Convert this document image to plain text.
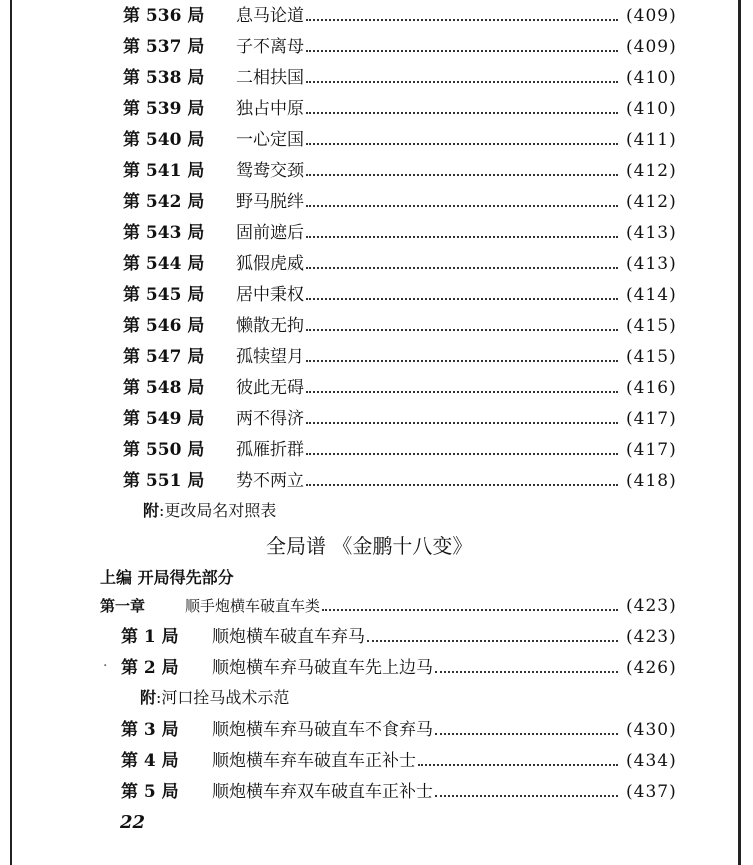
第 536 局 息马论道	(409)
第 537 局 子不离母	(409)
第 538 局 二相扶国	(410)
第 539 局 独占中原	(410)
第 540 局 一心定国	(411)
第 541 局 鸳鸯交颈	(412)
第 542 局 野马脱绊	(412)
第 543 局 固前遮后	(413)
第 544 局 狐假虎威	(413)
第 545 局 居中秉权	(414)
第 546 局 懒散无拘	(415)
第 547 局 孤犊望月	(415)
第 548 局 彼此无碍	(416)
第 549 局 两不得济	(417)
第 550 局 孤雁折群	(417)
第 551 局 势不两立	(418)
附:更改局名对照表
全局谱 《金鹏十八变》
上编 开局得先部分
第一章	顺手炮横车破直车类	(423)
第 1 局 顺炮横车破直车弃马	(423)
第 2 局 顺炮横车弃马破直车先上边马	(426)
·
附:河口拴马战术示范
第 3 局 顺炮横车弃马破直车不食弃马	(430)
第 4 局 顺炮横车弃车破直车正补士	(434)
第 5 局 顺炮横车弃双车破直车正补士	(437)
22
